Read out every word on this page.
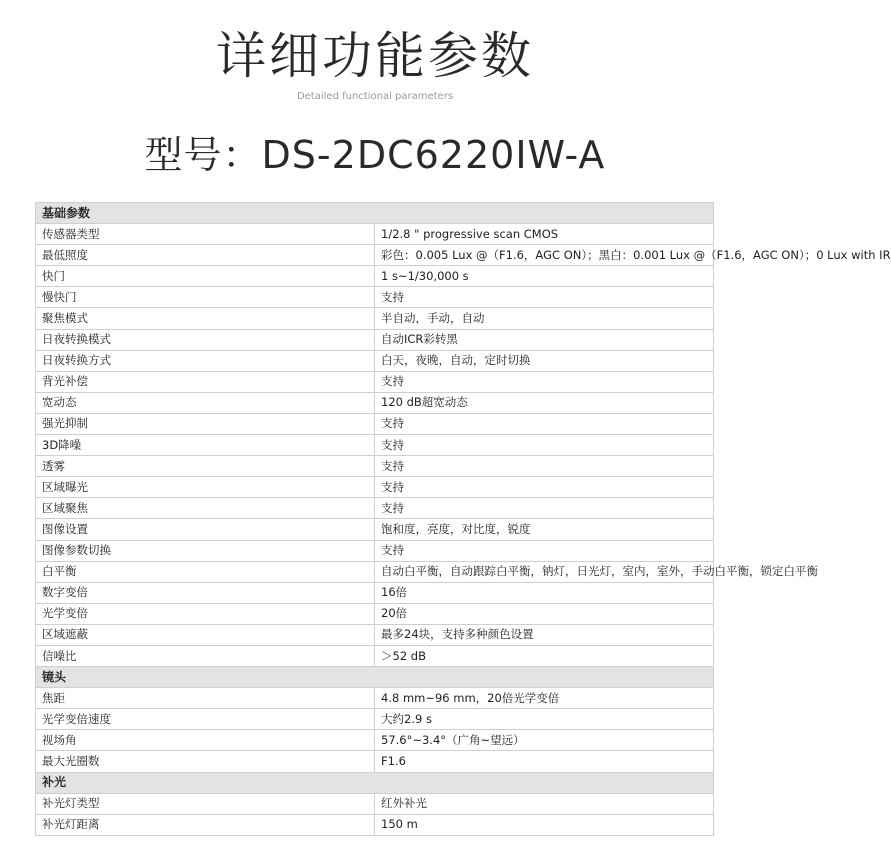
详细功能参数
Detailed functional parameters
型号：DS-2DC6220IW-A
基础参数	
传感器类型	1/2.8 " progressive scan CMOS
最低照度	彩色：0.005 Lux @（F1.6，AGC ON）；黑白：0.001 Lux @（F1.6，AGC ON）；0 Lux with IR
快门	1 s~1/30,000 s
慢快门	支持
聚焦模式	半自动，手动，自动
日夜转换模式	自动ICR彩转黑
日夜转换方式	白天，夜晚，自动，定时切换
背光补偿	支持
宽动态	120 dB超宽动态
强光抑制	支持
3D降噪	支持
透雾	支持
区域曝光	支持
区域聚焦	支持
图像设置	饱和度，亮度，对比度，锐度
图像参数切换	支持
白平衡	自动白平衡，自动跟踪白平衡，钠灯，日光灯，室内，室外，手动白平衡，锁定白平衡
数字变倍	16倍
光学变倍	20倍
区域遮蔽	最多24块，支持多种颜色设置
信噪比	＞52 dB
镜头	
焦距	4.8 mm~96 mm，20倍光学变倍
光学变倍速度	大约2.9 s
视场角	57.6°~3.4°（广角~望远）
最大光圈数	F1.6
补光	
补光灯类型	红外补光
补光灯距离	150 m
